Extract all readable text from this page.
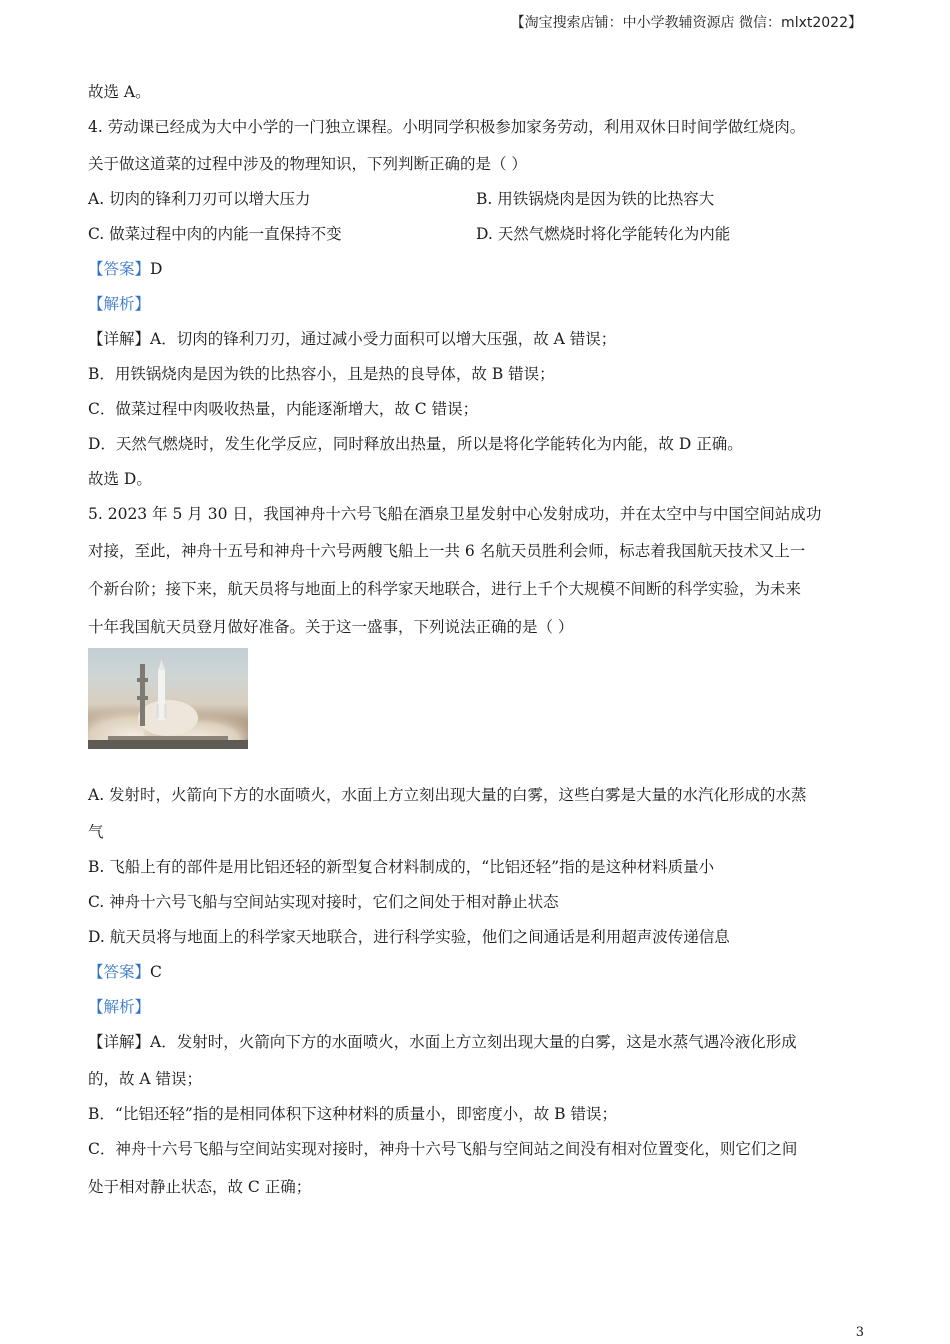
【淘宝搜索店铺：中小学教辅资源店 微信：mlxt2022】
故选 A。
4. 劳动课已经成为大中小学的一门独立课程。小明同学积极参加家务劳动，利用双休日时间学做红烧肉。
关于做这道菜的过程中涉及的物理知识，下列判断正确的是（ ）
A. 切肉的锋利刀刃可以增大压力	B. 用铁锅烧肉是因为铁的比热容大
C. 做菜过程中肉的内能一直保持不变	D. 天然气燃烧时将化学能转化为内能
【答案】D
【解析】
【详解】A．切肉的锋利刀刃，通过减小受力面积可以增大压强，故 A 错误；
B．用铁锅烧肉是因为铁的比热容小，且是热的良导体，故 B 错误；
C．做菜过程中肉吸收热量，内能逐渐增大，故 C 错误；
D．天然气燃烧时，发生化学反应，同时释放出热量，所以是将化学能转化为内能，故 D 正确。
故选 D。
5. 2023 年 5 月 30 日，我国神舟十六号飞船在酒泉卫星发射中心发射成功，并在太空中与中国空间站成功
对接，至此，神舟十五号和神舟十六号两艘飞船上一共 6 名航天员胜利会师，标志着我国航天技术又上一
个新台阶；接下来，航天员将与地面上的科学家天地联合，进行上千个大规模不间断的科学实验，为未来
十年我国航天员登月做好准备。关于这一盛事，下列说法正确的是（ ）
A. 发射时，火箭向下方的水面喷火，水面上方立刻出现大量的白雾，这些白雾是大量的水汽化形成的水蒸
气
B. 飞船上有的部件是用比铝还轻的新型复合材料制成的，“比铝还轻”指的是这种材料质量小
C. 神舟十六号飞船与空间站实现对接时，它们之间处于相对静止状态
D. 航天员将与地面上的科学家天地联合，进行科学实验，他们之间通话是利用超声波传递信息
【答案】C
【解析】
【详解】A．发射时，火箭向下方的水面喷火，水面上方立刻出现大量的白雾，这是水蒸气遇冷液化形成
的，故 A 错误；
B．“比铝还轻”指的是相同体积下这种材料的质量小，即密度小，故 B 错误；
C．神舟十六号飞船与空间站实现对接时，神舟十六号飞船与空间站之间没有相对位置变化，则它们之间
处于相对静止状态，故 C 正确；
3
